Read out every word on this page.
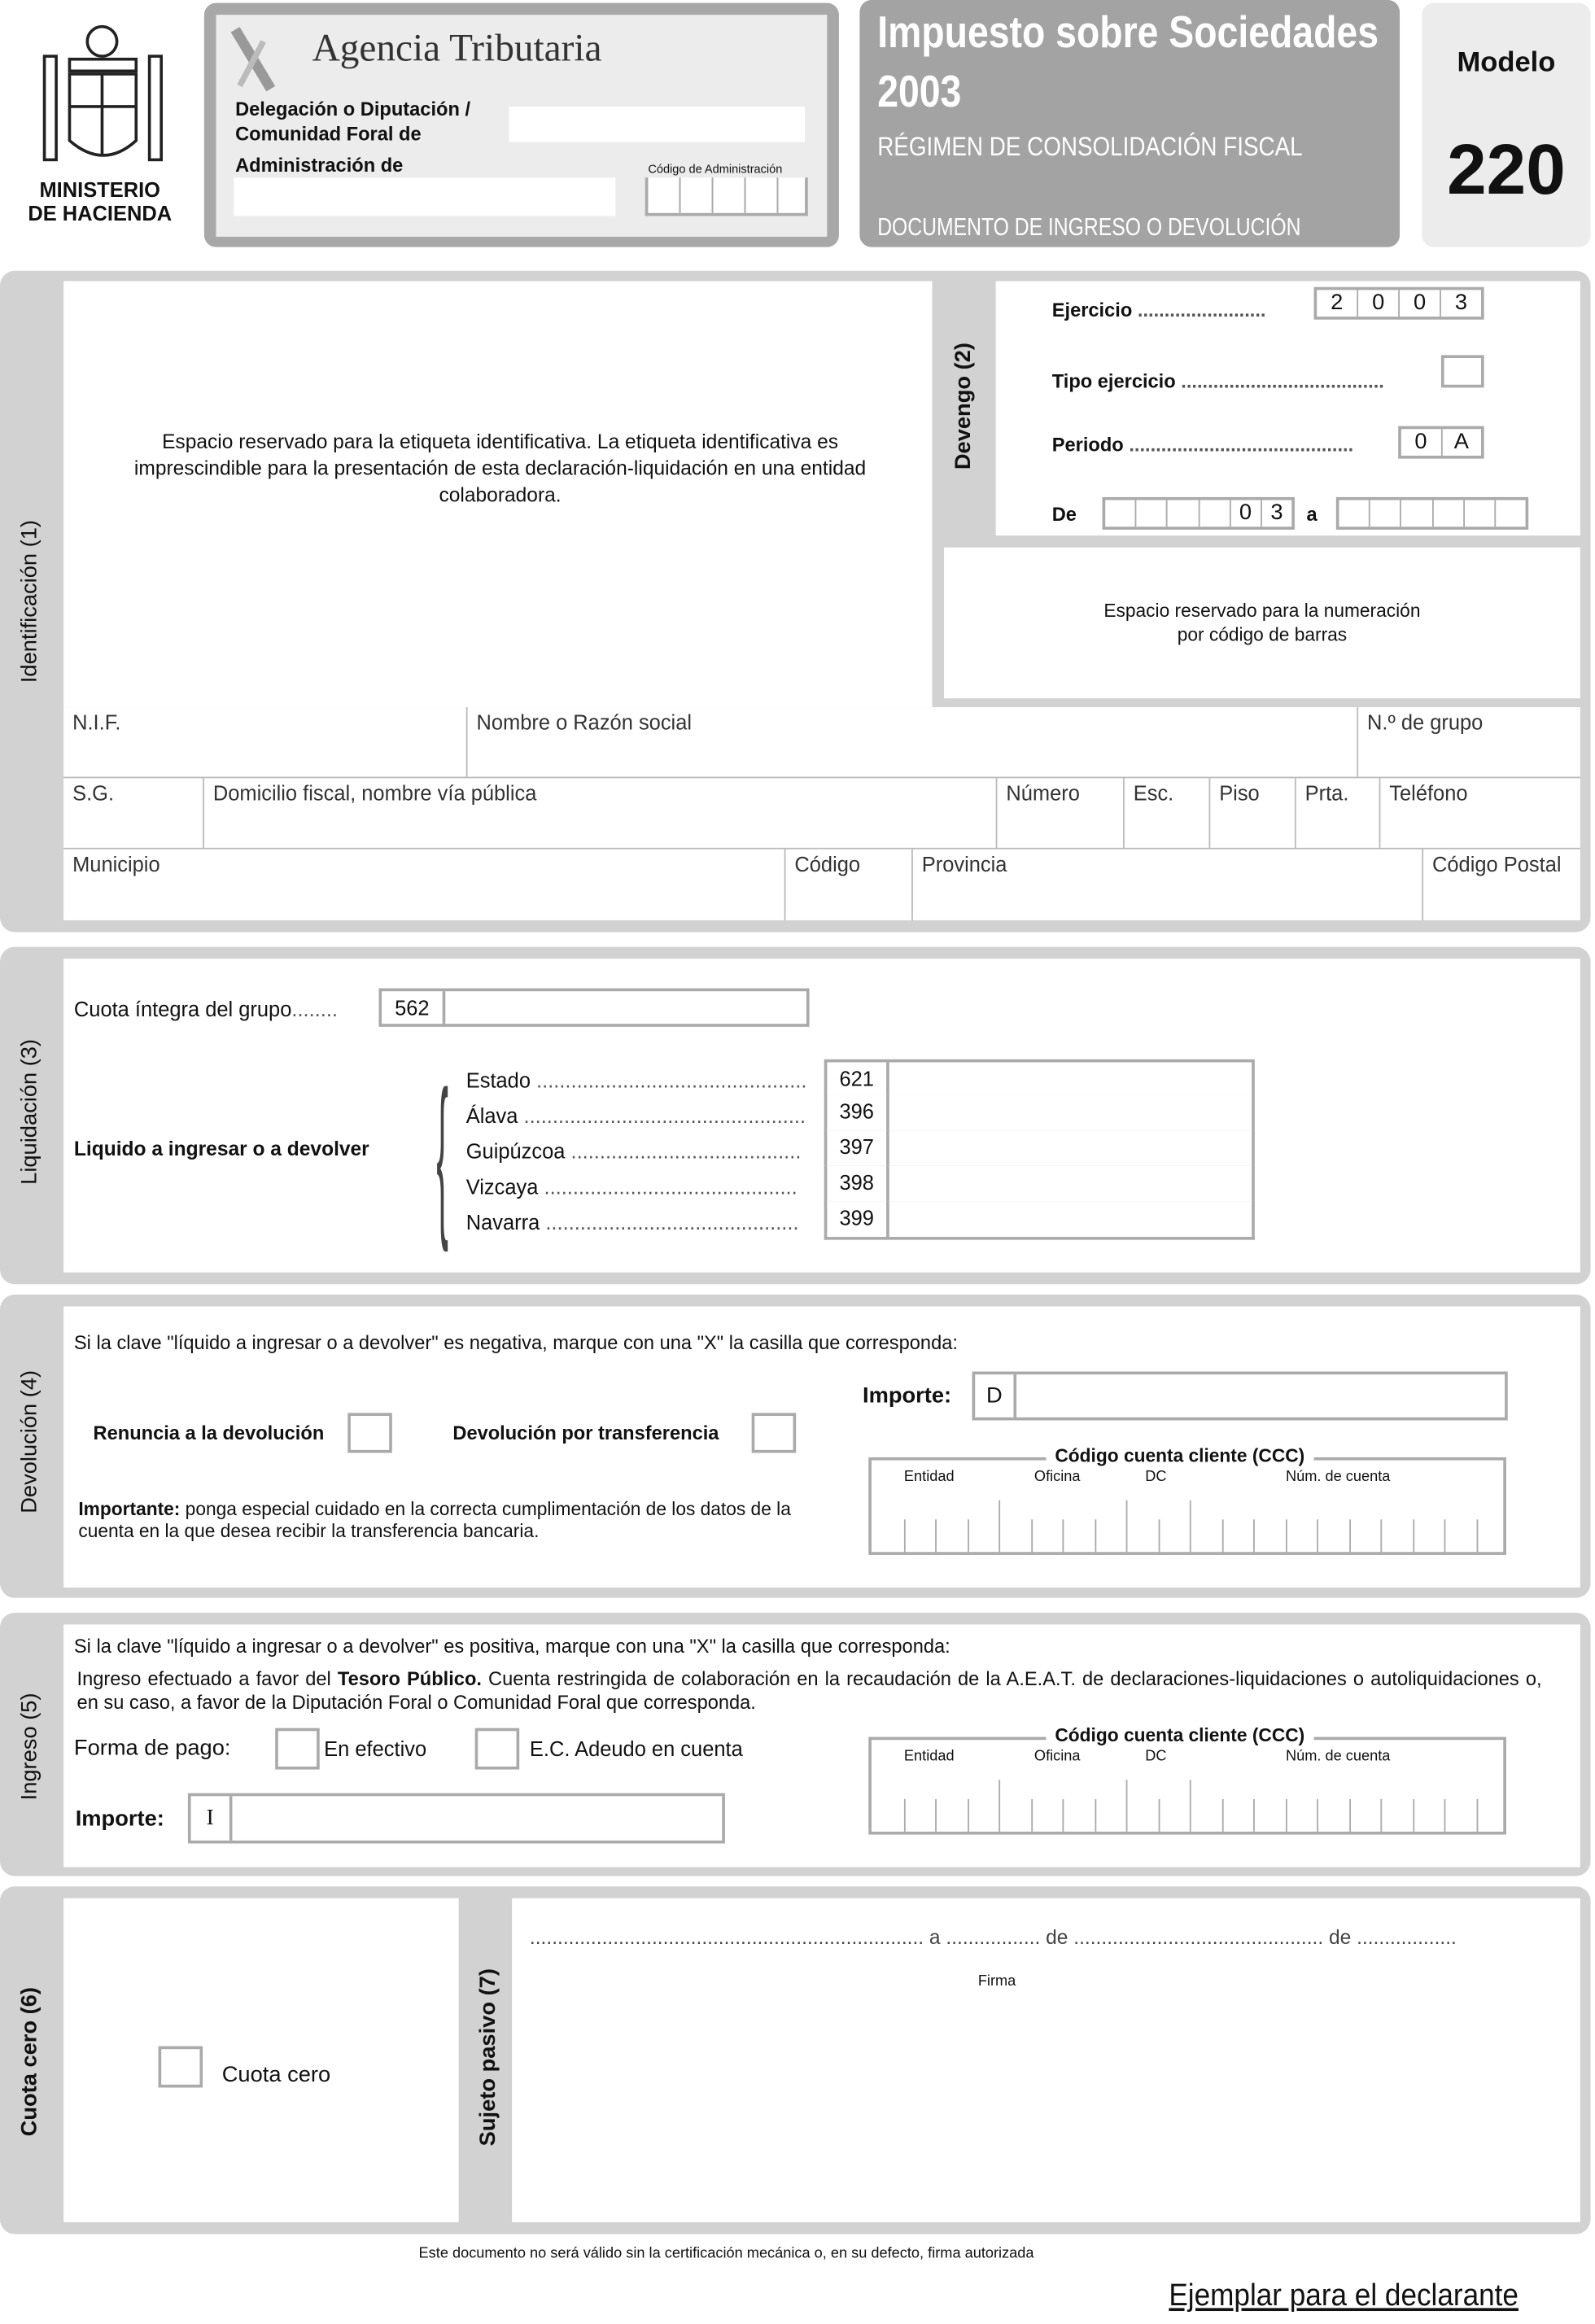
MINISTERIO
DE HACIENDA
Agencia Tributaria
Delegación o Diputación /
Comunidad Foral de
Administración de	Código de Administración
Impuesto sobre Sociedades
2003
RÉGIMEN DE CONSOLIDACIÓN FISCAL
DOCUMENTO DE INGRESO O DEVOLUCIÓN
Modelo
220
Identificación (1)
Espacio reservado para la etiqueta identificativa. La etiqueta identificativa es imprescindible para la presentación de esta declaración-liquidación en una entidad colaboradora.
Devengo (2)
Ejercicio ........................	2	0	0	3
Tipo ejercicio ......................................
Periodo ..........................................	0	A
De	0	3	a
Espacio reservado para la numeración
por código de barras
N.I.F.	Nombre o Razón social	N.º de grupo
S.G.	Domicilio fiscal, nombre vía pública	Número	Esc.	Piso	Prta.	Teléfono
Municipio	Código	Provincia	Código Postal
Liquidación (3)
Cuota íntegra del grupo........	562
Liquido a ingresar o a devolver { Estado ...............................................	621
Álava .................................................	396
Guipúzcoa ........................................	397
Vizcaya ............................................	398
Navarra ............................................	399
Devolución (4)
Si la clave "líquido a ingresar o a devolver" es negativa, marque con una "X" la casilla que corresponda:
Renuncia a la devolución	Devolución por transferencia
Importe:	D
Importante: ponga especial cuidado en la correcta cumplimentación de los datos de la cuenta en la que desea recibir la transferencia bancaria.
Entidad	Oficina	DC	Núm. de cuenta
Código cuenta cliente (CCC)
Ingreso (5)
Si la clave "líquido a ingresar o a devolver" es positiva, marque con una "X" la casilla que corresponda:
Ingreso efectuado a favor del Tesoro Público. Cuenta restringida de colaboración en la recaudación de la A.E.A.T. de declaraciones-liquidaciones o autoliquidaciones o, en su caso, a favor de la Diputación Foral o Comunidad Foral que corresponda.
Forma de pago:	En efectivo	E.C. Adeudo en cuenta
Importe:	I
Entidad	Oficina	DC	Núm. de cuenta
Código cuenta cliente (CCC)
Cuota cero (6)	Cuota cero	Sujeto pasivo (7)
....................................................................... a ................. de ............................................. de ..................
Firma
Este documento no será válido sin la certificación mecánica o, en su defecto, firma autorizada
Ejemplar para el declarante
